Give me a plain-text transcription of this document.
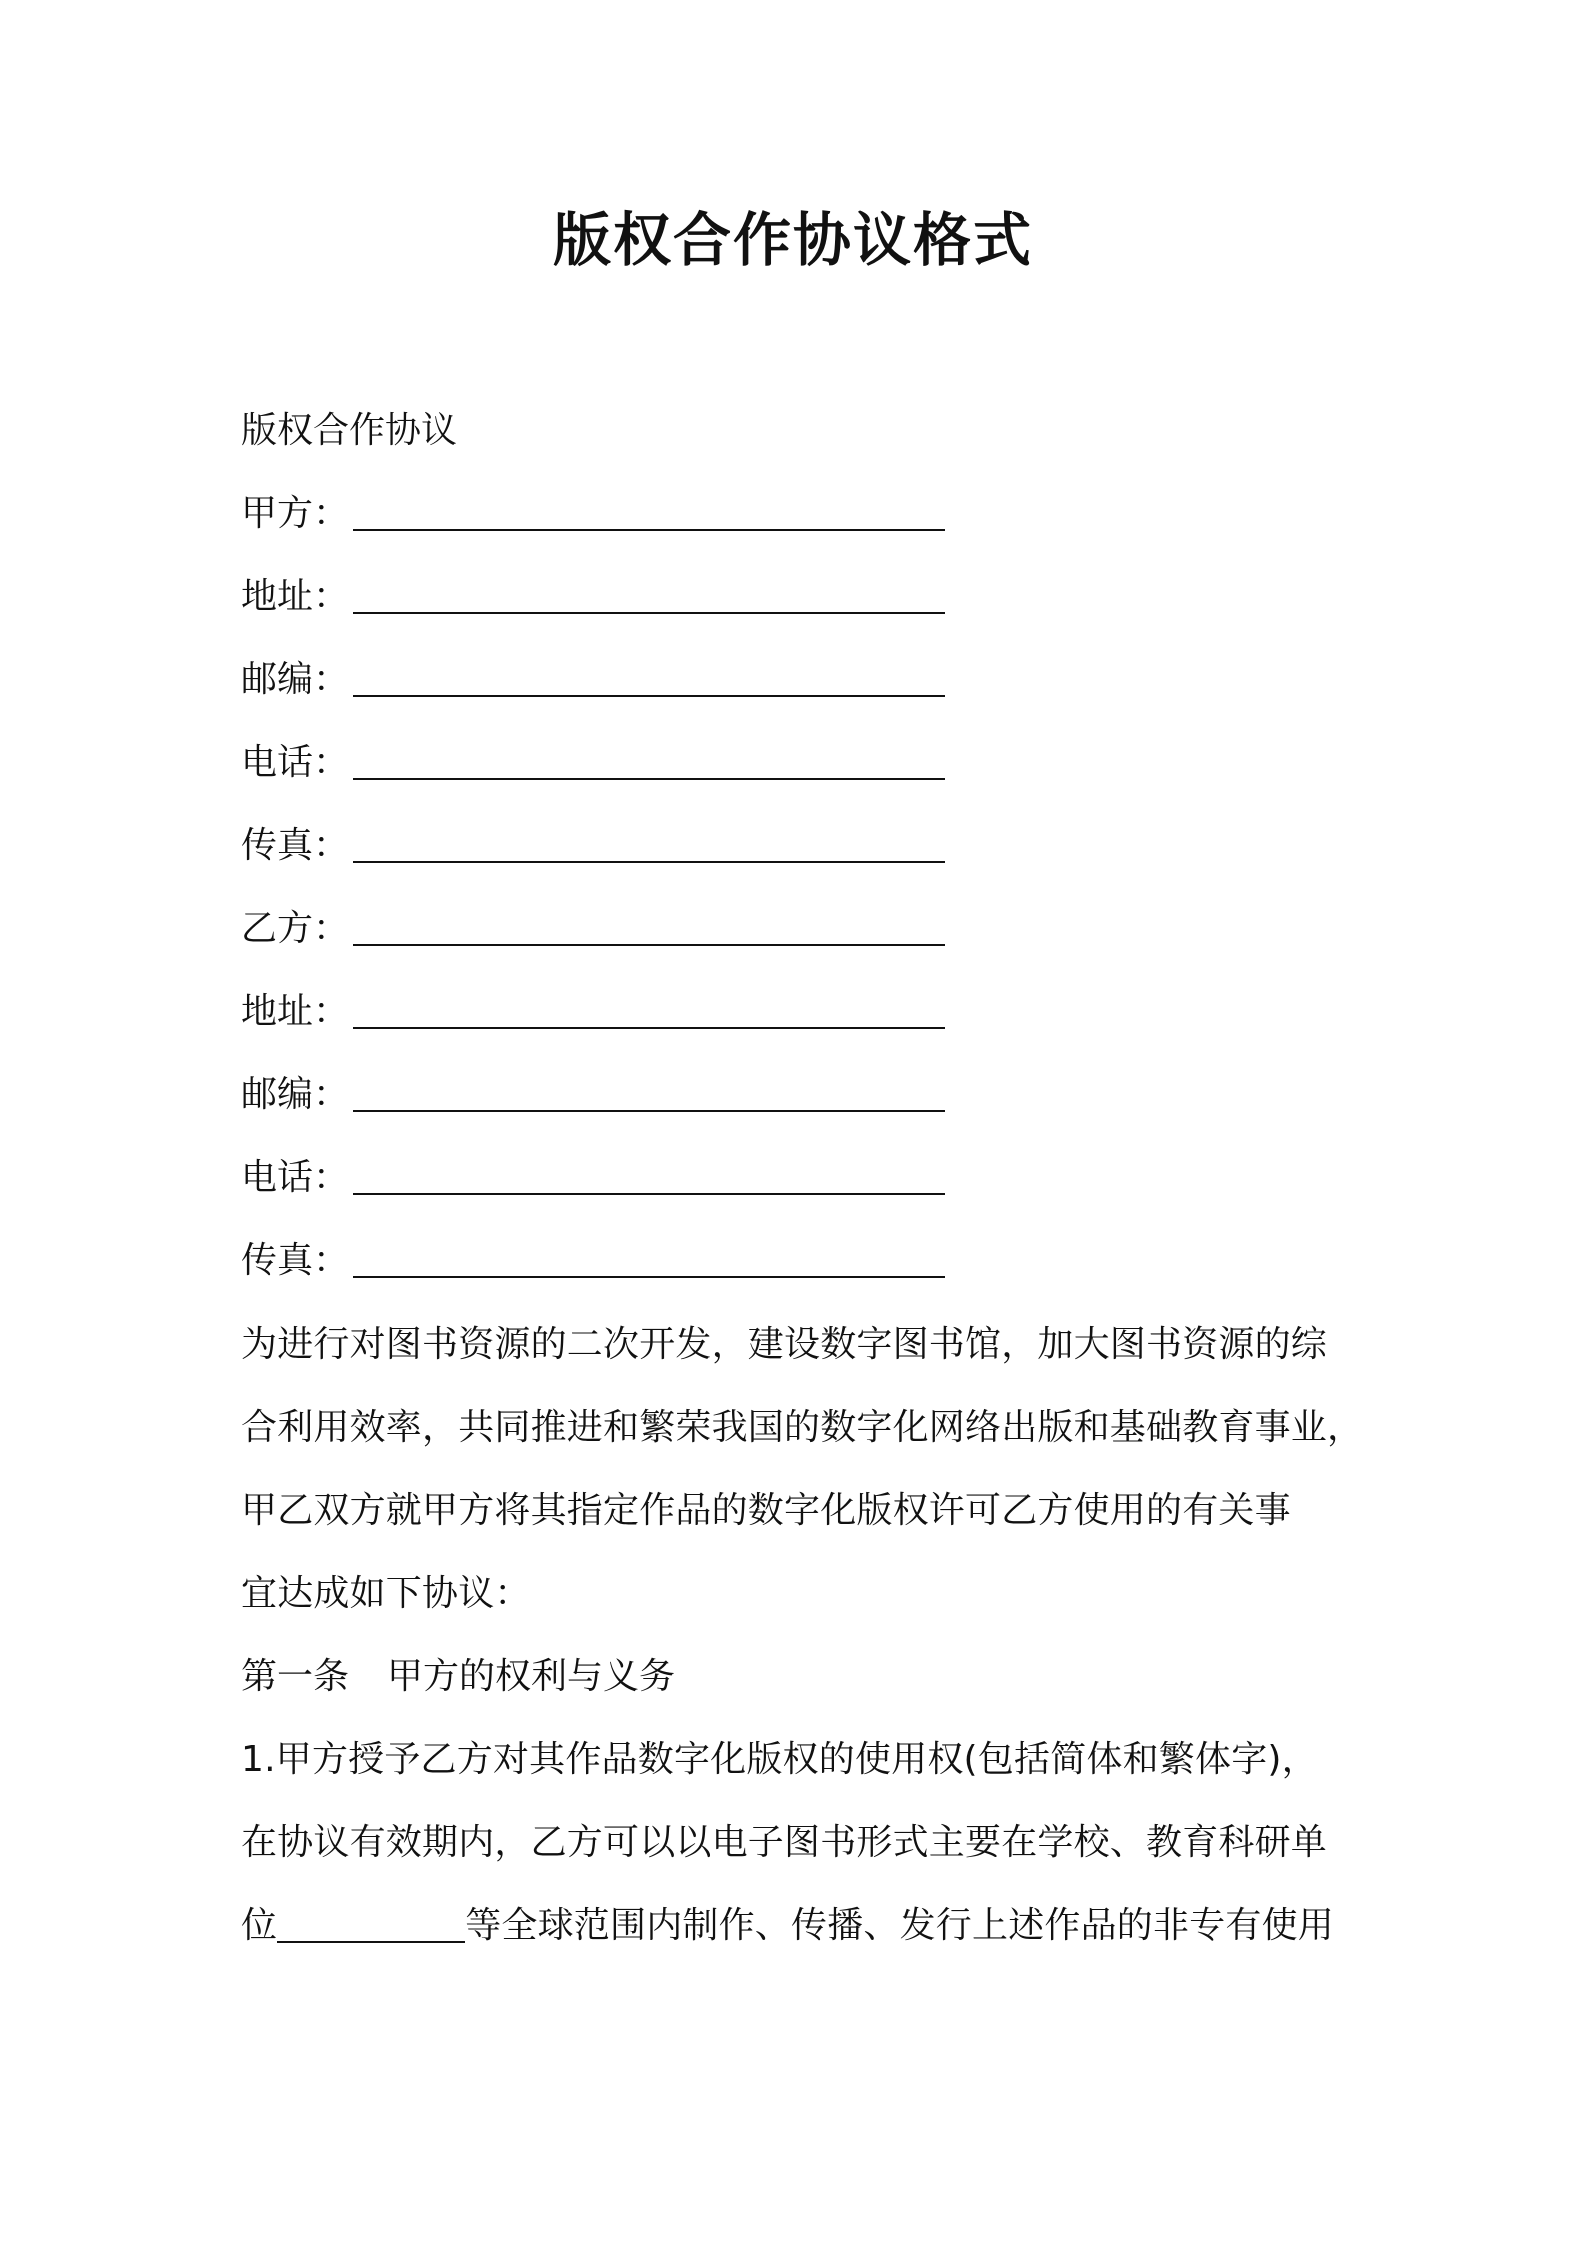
版权合作协议格式
版权合作协议
甲方：
地址：
邮编：
电话：
传真：
乙方：
地址：
邮编：
电话：
传真：

为进行对图书资源的二次开发，建设数字图书馆，加大图书资源的综
合利用效率，共同推进和繁荣我国的数字化网络出版和基础教育事业，
甲乙双方就甲方将其指定作品的数字化版权许可乙方使用的有关事
宜达成如下协议：

第一条 甲方的权利与义务

1.甲方授予乙方对其作品数字化版权的使用权(包括简体和繁体字)，
在协议有效期内，乙方可以以电子图书形式主要在学校、教育科研单
位	等全球范围内制作、传播、发行上述作品的非专有使用
